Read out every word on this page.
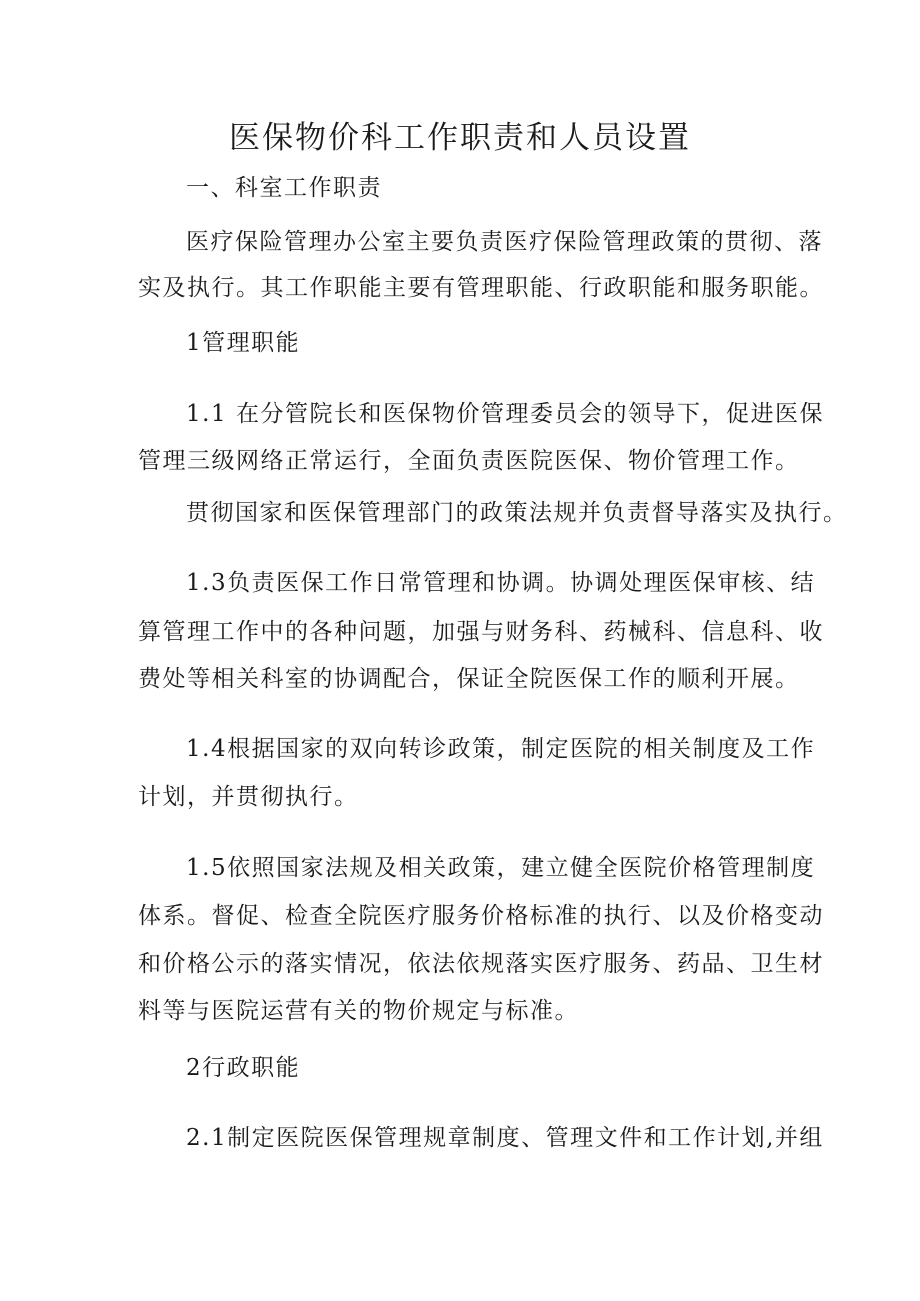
医保物价科工作职责和人员设置
一、科室工作职责
医疗保险管理办公室主要负责医疗保险管理政策的贯彻、落
实及执行。其工作职能主要有管理职能、行政职能和服务职能。
1管理职能
1.1 在分管院长和医保物价管理委员会的领导下，促进医保
管理三级网络正常运行，全面负责医院医保、物价管理工作。
贯彻国家和医保管理部门的政策法规并负责督导落实及执行。
1.3负责医保工作日常管理和协调。协调处理医保审核、结
算管理工作中的各种问题，加强与财务科、药械科、信息科、收
费处等相关科室的协调配合，保证全院医保工作的顺利开展。
1.4根据国家的双向转诊政策，制定医院的相关制度及工作
计划，并贯彻执行。
1.5依照国家法规及相关政策，建立健全医院价格管理制度
体系。督促、检查全院医疗服务价格标准的执行、以及价格变动
和价格公示的落实情况，依法依规落实医疗服务、药品、卫生材
料等与医院运营有关的物价规定与标准。
2行政职能
2.1制定医院医保管理规章制度、管理文件和工作计划,并组
